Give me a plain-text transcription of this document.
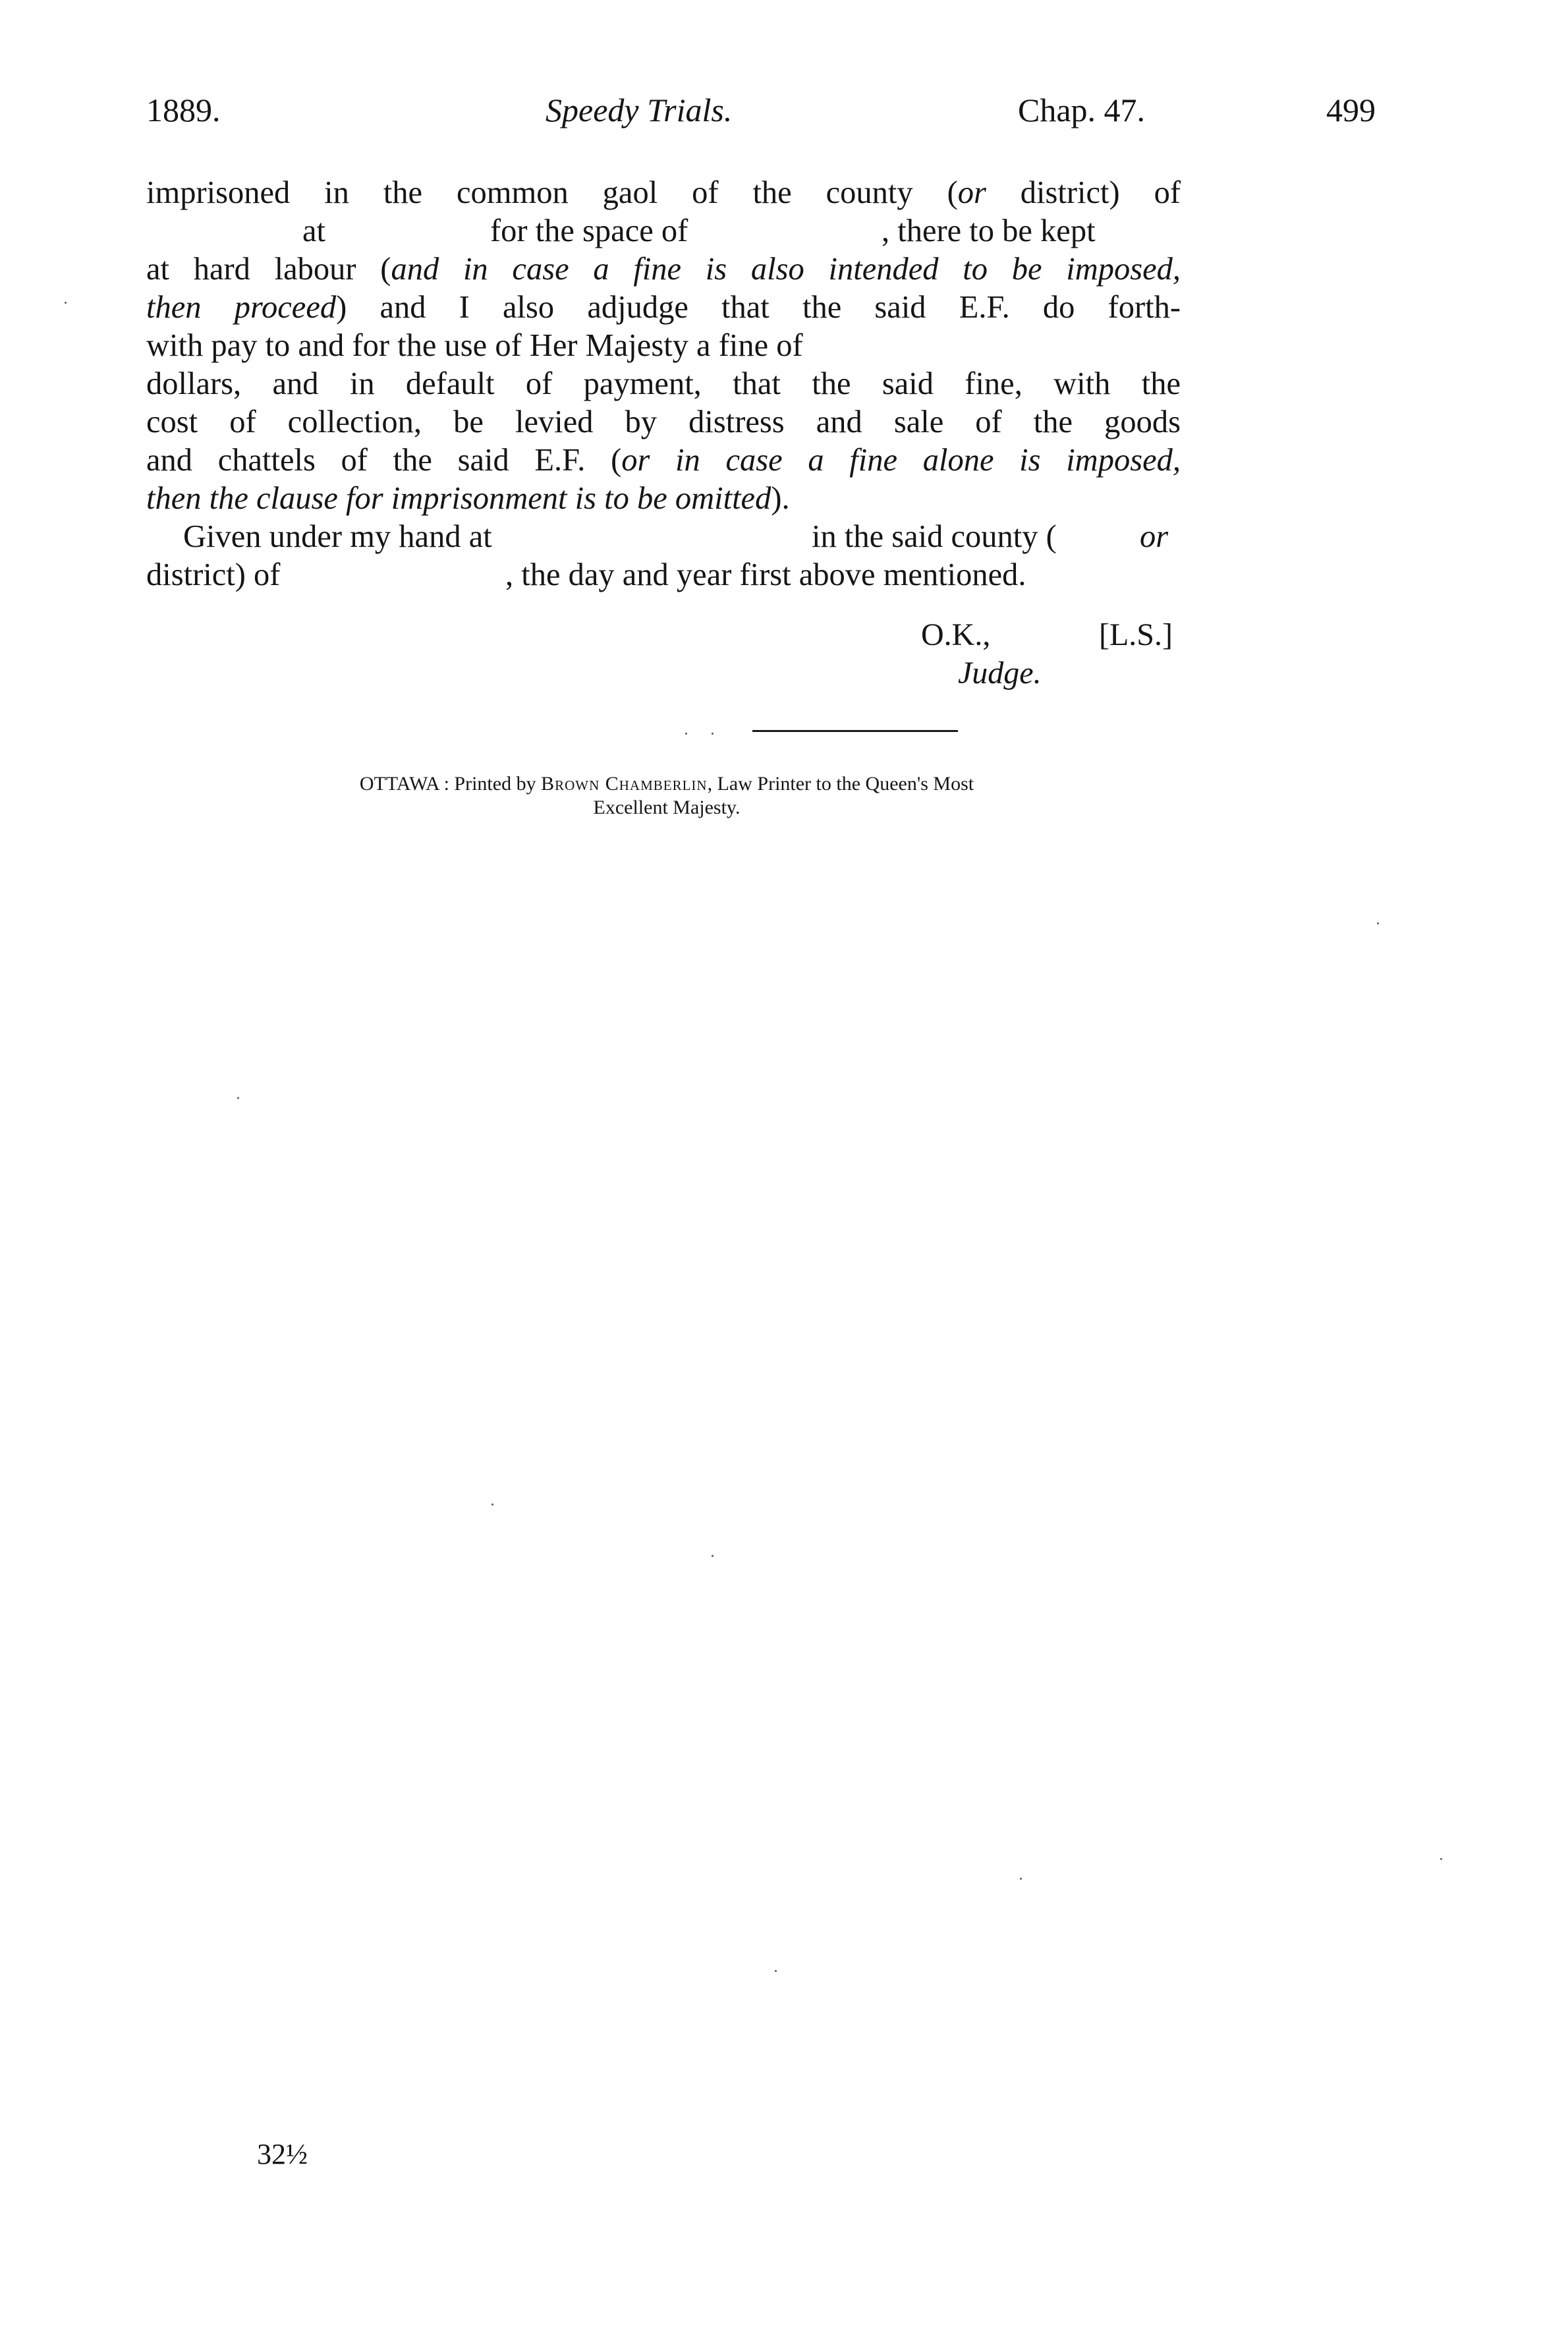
1889.	Speedy Trials.	Chap. 47.	499
imprisoned in the common gaol of the county (or district) of
at	for the space of	, there to be kept
at hard labour (and in case a fine is also intended to be imposed,
then proceed) and I also adjudge that the said E.F. do forth-
with pay to and for the use of Her Majesty a fine of
dollars, and in default of payment, that the said fine, with the
cost of collection, be levied by distress and sale of the goods
and chattels of the said E.F. (or in case a fine alone is imposed,
then the clause for imprisonment is to be omitted).
Given under my hand at	in the said county (	or
district) of	, the day and year first above mentioned.
O.K.,	[L.S.]
Judge.
OTTAWA : Printed by Brown Chamberlin, Law Printer to the Queen's Most
Excellent Majesty.
32½
